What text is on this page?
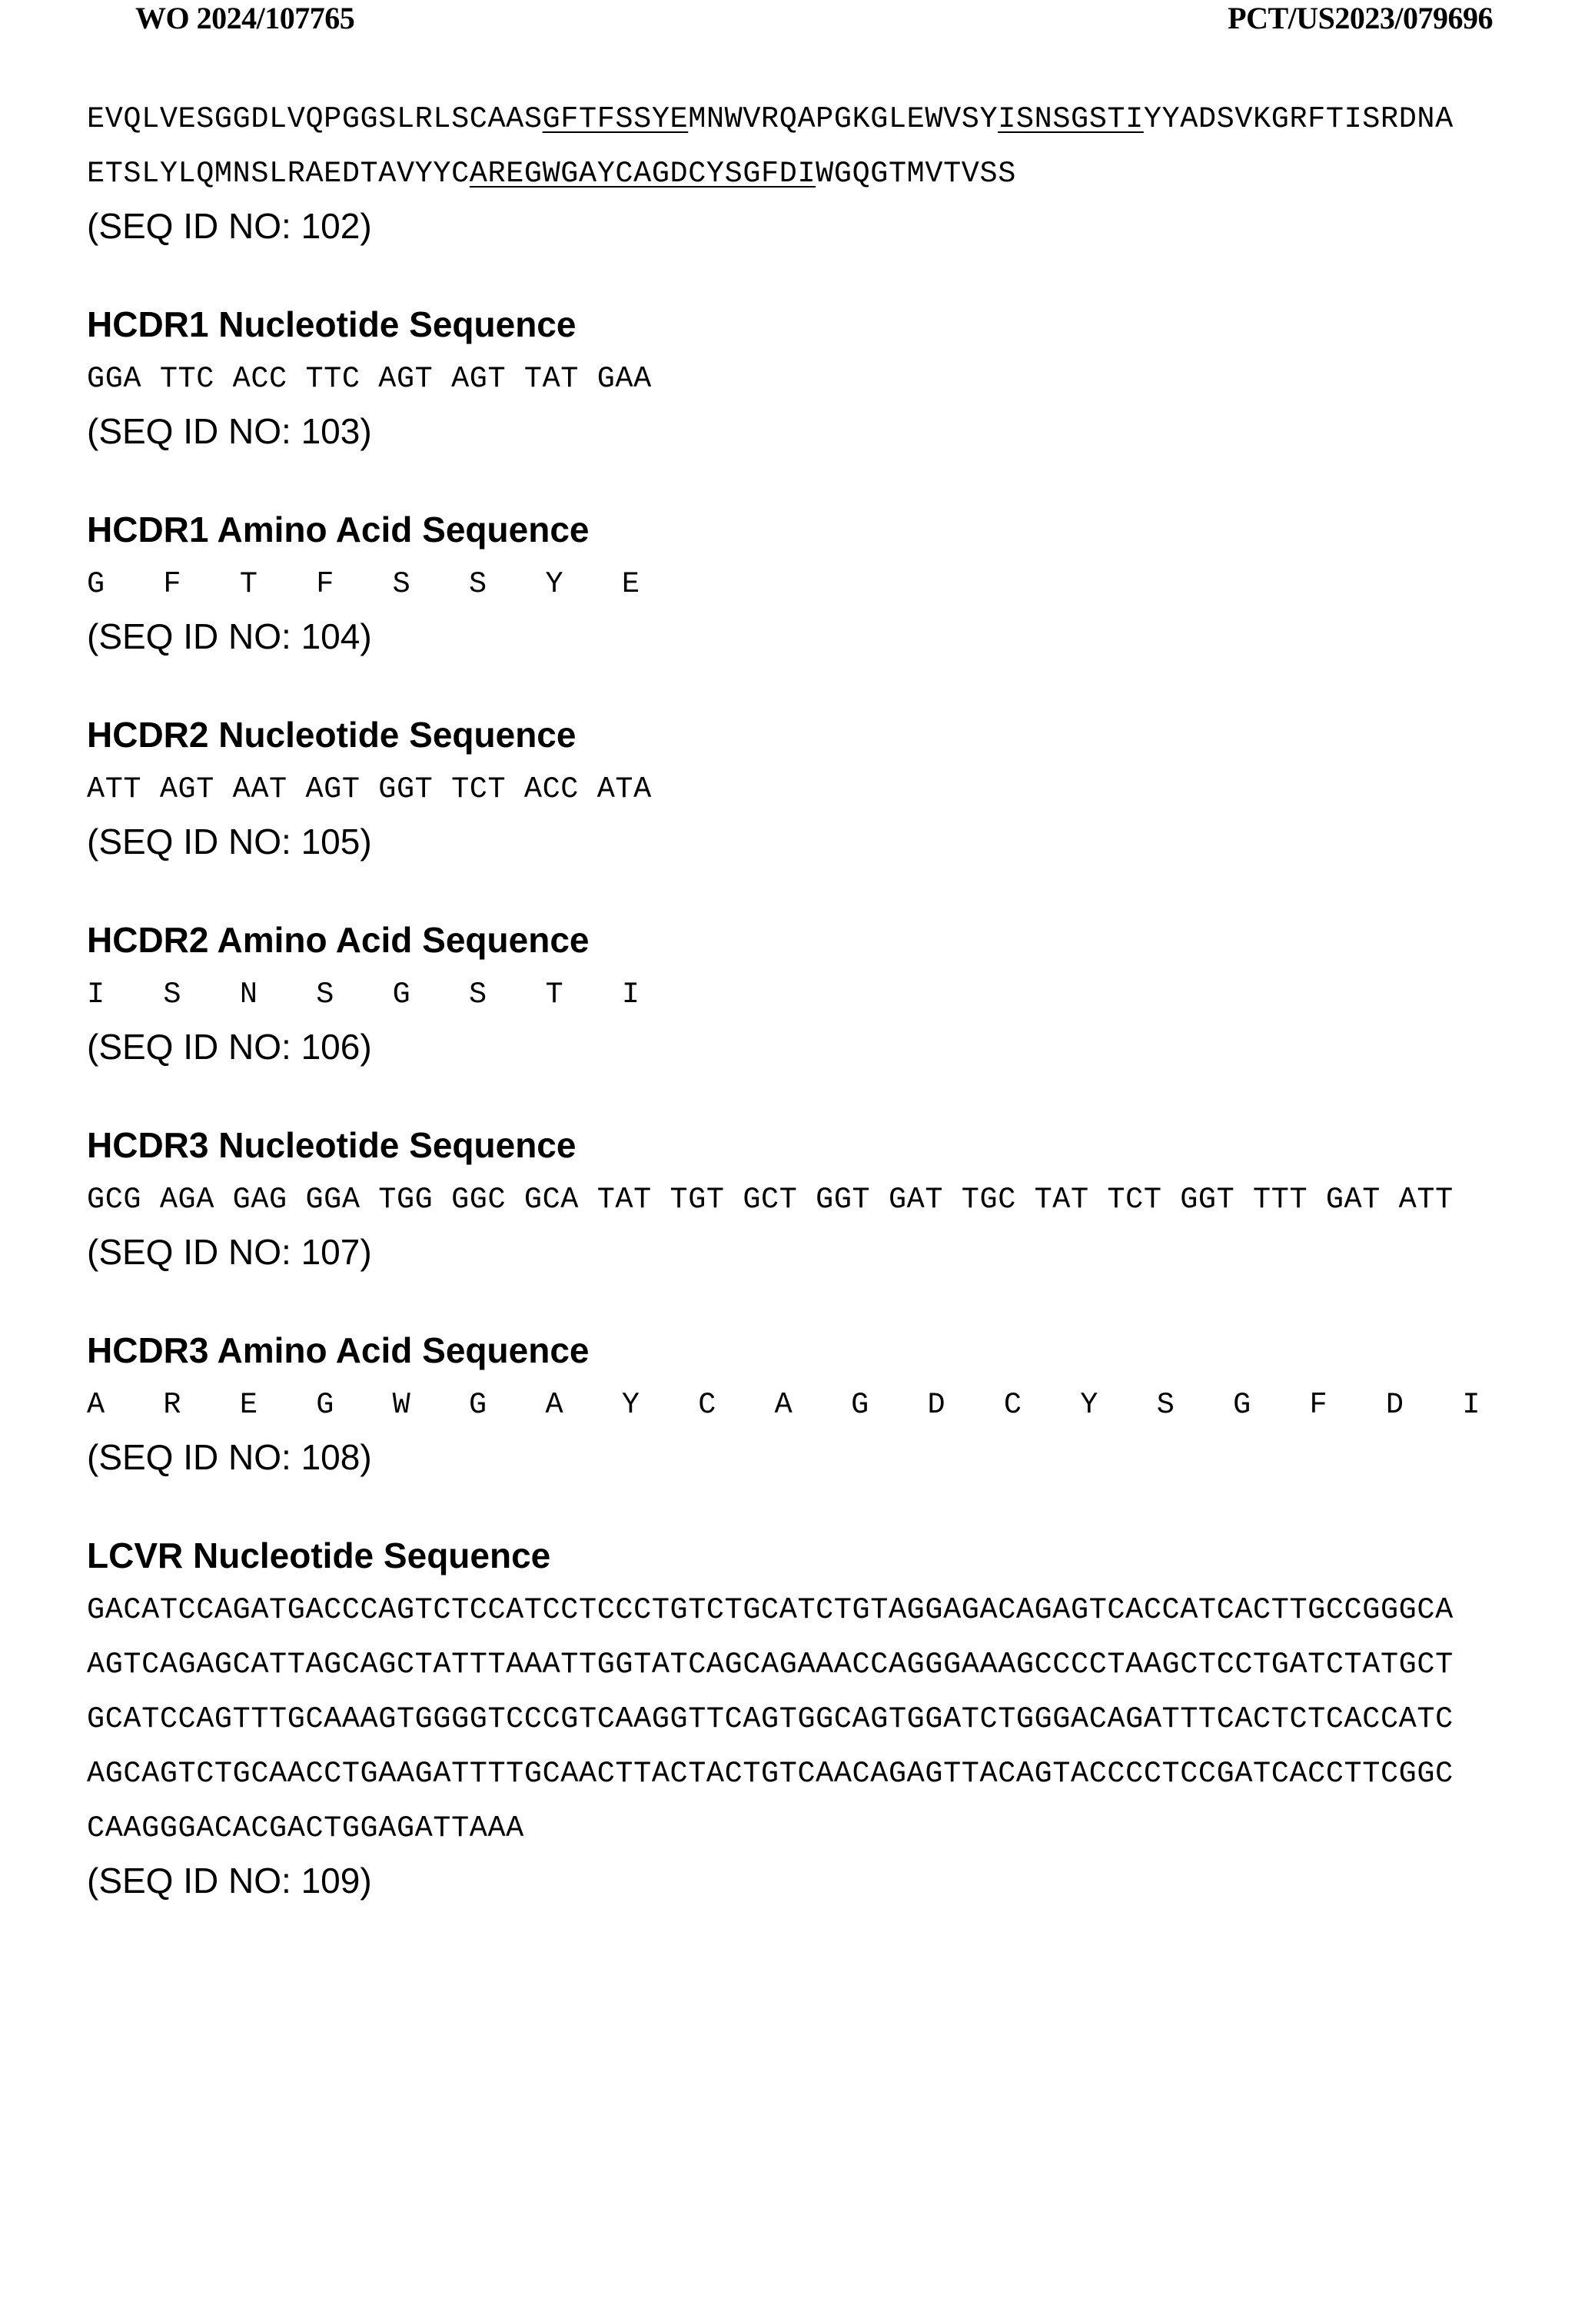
WO 2024/107765	PCT/US2023/079696
EVQLVESGGDLVQPGGSLRLSCAASGFTFSSYEMNWVRQAPGKGLEWVSYISNSGSTIYYADSVKGRFTISRDNA
ETSLYLQMNSLRAEDTAVYYCAREGWGAYCAGDCYSGFDIWGQGTMVTVSS
(SEQ ID NO: 102)
HCDR1 Nucleotide Sequence
GGA TTC ACC TTC AGT AGT TAT GAA
(SEQ ID NO: 103)
HCDR1 Amino Acid Sequence
G F T F S S Y E
(SEQ ID NO: 104)
HCDR2 Nucleotide Sequence
ATT AGT AAT AGT GGT TCT ACC ATA
(SEQ ID NO: 105)
HCDR2 Amino Acid Sequence
I S N S G S T I
(SEQ ID NO: 106)
HCDR3 Nucleotide Sequence
GCG AGA GAG GGA TGG GGC GCA TAT TGT GCT GGT GAT TGC TAT TCT GGT TTT GAT ATT
(SEQ ID NO: 107)
HCDR3 Amino Acid Sequence
A R E G W G A Y C A G D C Y S G F D I
(SEQ ID NO: 108)
LCVR Nucleotide Sequence
GACATCCAGATGACCCAGTCTCCATCCTCCCTGTCTGCATCTGTAGGAGACAGAGTCACCATCACTTGCCGGGCA
AGTCAGAGCATTAGCAGCTATTTAAATTGGTATCAGCAGAAACCAGGGAAAGCCCCTAAGCTCCTGATCTATGCT
GCATCCAGTTTGCAAAGTGGGGTCCCGTCAAGGTTCAGTGGCAGTGGATCTGGGACAGATTTCACTCTCACCATC
AGCAGTCTGCAACCTGAAGATTTTGCAACTTACTACTGTCAACAGAGTTACAGTACCCCTCCGATCACCTTCGGC
CAAGGGACACGACTGGAGATTAAA
(SEQ ID NO: 109)
